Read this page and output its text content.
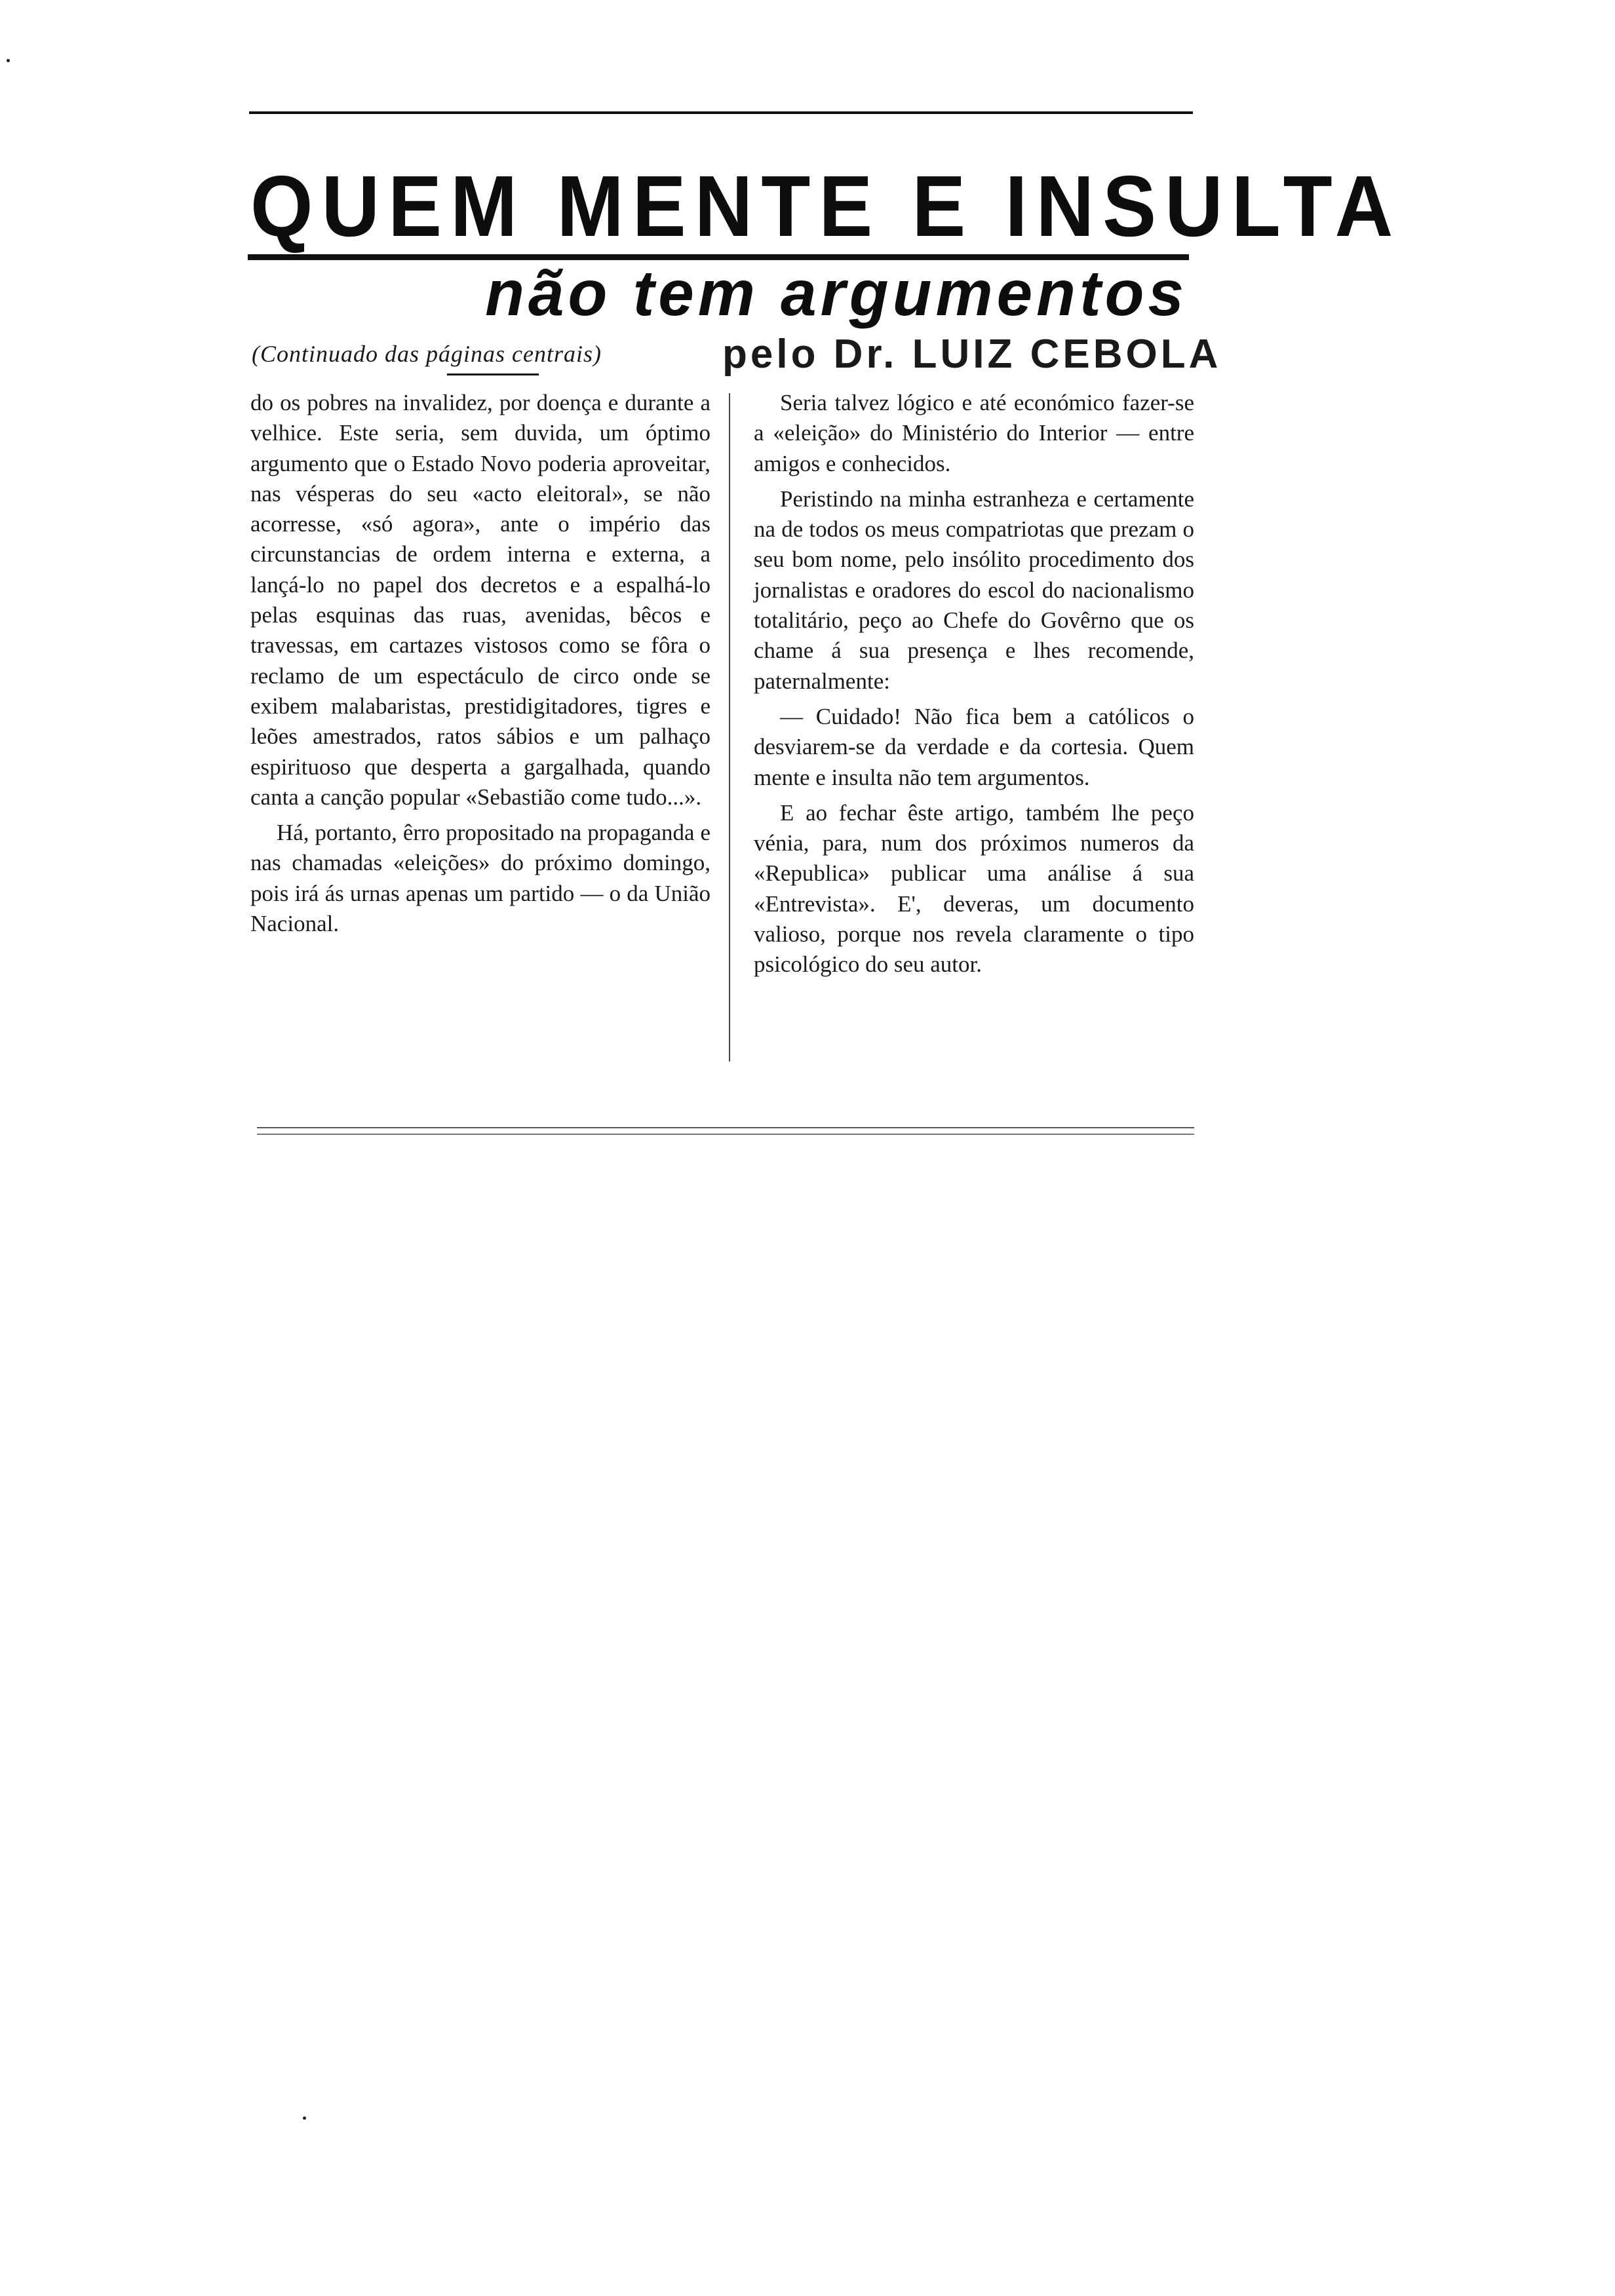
QUEM MENTE E INSULTA
não tem argumentos
(Continuado das páginas centrais)	pelo Dr. LUIZ CEBOLA

do os pobres na invalidez, por doença e durante a velhice. Este seria, sem duvida, um óptimo argumento que o Estado Novo poderia aproveitar, nas vésperas do seu «acto eleitoral», se não acorresse, «só agora», ante o império das circunstancias de ordem interna e externa, a lançá-lo no papel dos decretos e a espalhá-lo pelas esquinas das ruas, avenidas, bêcos e travessas, em cartazes vistosos como se fôra o reclamo de um espectáculo de circo onde se exibem malabaristas, prestidigitadores, tigres e leões amestrados, ratos sábios e um palhaço espirituoso que desperta a gargalhada, quando canta a canção popular «Sebastião come tudo...».

Há, portanto, êrro propositado na propaganda e nas chamadas «eleições» do próximo domingo, pois irá ás urnas apenas um partido — o da União Nacional.

Seria talvez lógico e até económico fazer-se a «eleição» do Ministério do Interior — entre amigos e conhecidos.

Peristindo na minha estranheza e certamente na de todos os meus compatriotas que prezam o seu bom nome, pelo insólito procedimento dos jornalistas e oradores do escol do nacionalismo totalitário, peço ao Chefe do Govêrno que os chame á sua presença e lhes recomende, paternalmente:

— Cuidado! Não fica bem a católicos o desviarem-se da verdade e da cortesia. Quem mente e insulta não tem argumentos.

E ao fechar êste artigo, também lhe peço vénia, para, num dos próximos numeros da «Republica» publicar uma análise á sua «Entrevista». E', deveras, um documento valioso, porque nos revela claramente o tipo psicológico do seu autor.
